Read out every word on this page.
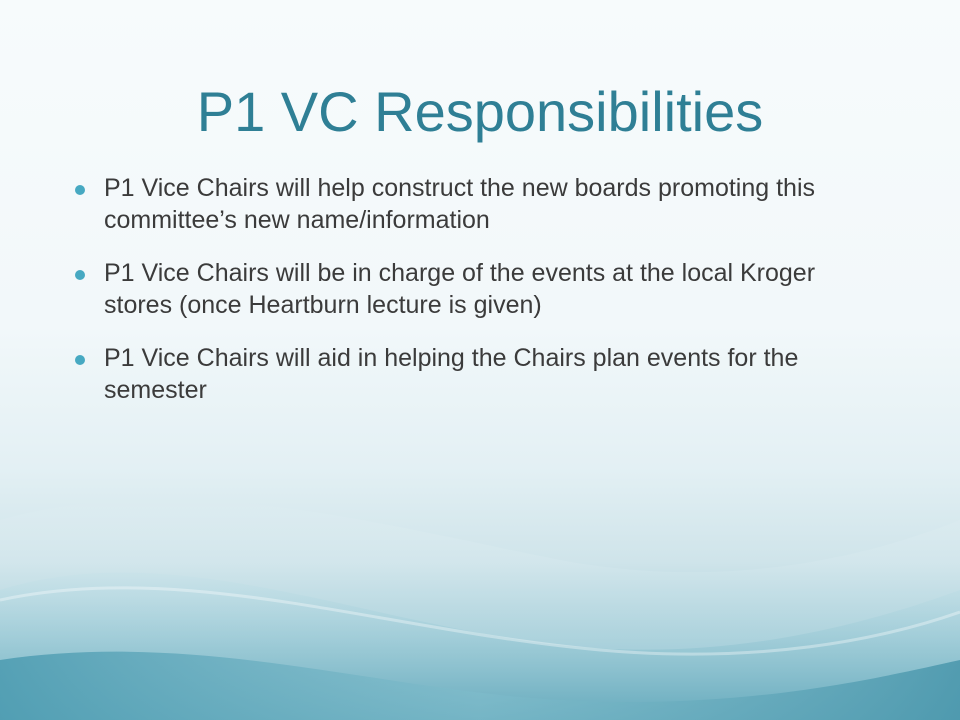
P1 VC Responsibilities
P1 Vice Chairs will help construct the new boards promoting this committee’s new name/information
P1 Vice Chairs will be in charge of the events at the local Kroger stores (once Heartburn lecture is given)
P1 Vice Chairs will aid in helping the Chairs plan events for the semester
